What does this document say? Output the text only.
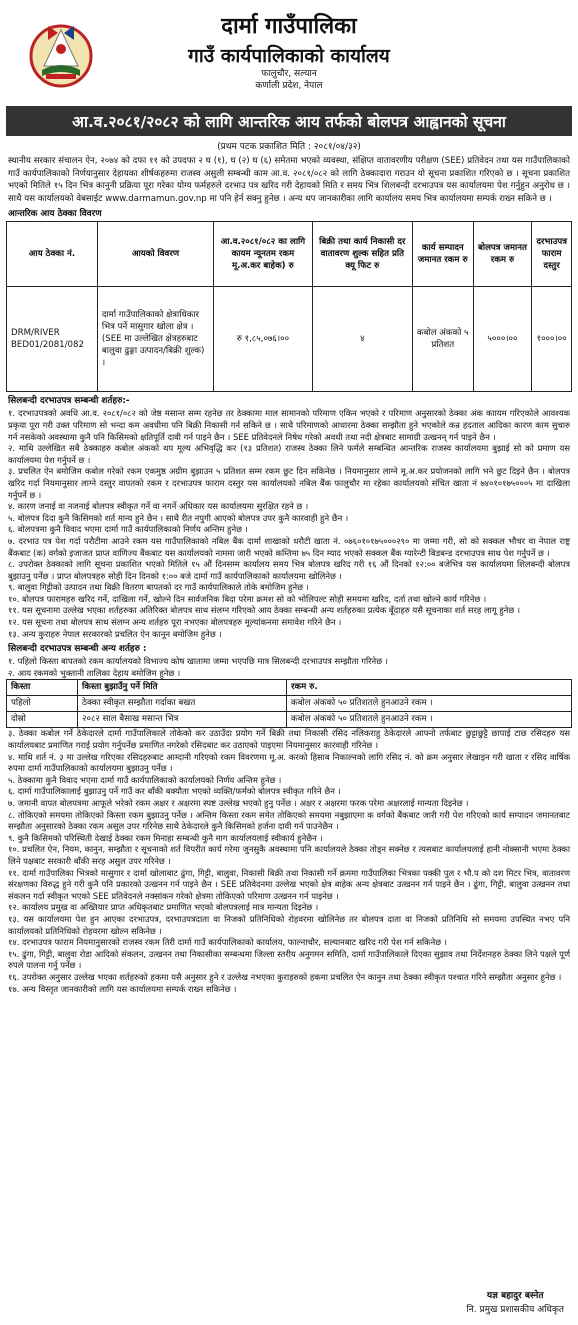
दार्मा गाउँपालिका
गाउँ कार्यपालिकाको कार्यालय
फालुचौर, सल्यान
कर्णाली प्रदेश, नेपाल
आ.व.२०८१/२०८२ को लागि आन्तरिक आय तर्फको बोलपत्र आह्वानको सूचना
(प्रथम पटक प्रकाशित मिति : २०८१/०४/३२)
स्थानीय सरकार संचालन ऐन, २०७४ को दफा ११ को उपदफा २ घ (१), घ (२) घ (६) समेतमा भएको व्यवस्था, संक्षिप्त वातावरणीय परीक्षण (SEE) प्रतिवेदन तथा यस गाउँपालिकाको गाउँ कार्यपालिकाको निर्णयानुसार देहायका शीर्षकहरुमा राजस्व असुली सम्बन्धी काम आ.व. २०८१/०८२ को लागि ठेक्कादारा गराउन यो सूचना प्रकाशित गरिएको छ । सूचना प्रकाशित भएको मितिले १५ दिन भित्र कानुनी प्रक्रिया पूरा गरेका योग्य फर्महरुले दरभाउ पत्र खरिद गरी देहायको मिति र समय भित्र शिलबन्दी दरभाउपत्र यस कार्यालयमा पेश गर्नुहुन अनुरोध छ । साथै यस कार्यालयको वेबसाईट www.darmamun.gov.np मा पनि हेर्न सक्नु हुनेछ । अन्य थप जानकारीका लागि कार्यालय समय भित्र कार्यालयमा सम्पर्क राख्न सकिने छ ।
आन्तरिक आय ठेक्का विवरण
आय ठेक्का नं.	आयको विवरण	आ.व.२०८१/०८२ का लागि कायम न्यूनतम रकम मू.अ.कर बाहेक) रु	बिक्री तथा कार्य निकासी दर वातावरण शुल्क सहित प्रति क्यू फिट रु	कार्य सम्पादन जमानत रकम रु	बोलपत्र जमानत रकम रु	दरभाउपत्र फाराम दस्तुर
DRM/RIVER BED01/2081/082	दार्मा गाउँपालिकाको क्षेत्राधिकार भित्र पर्ने मासुगार खोला क्षेत्र । (SEE मा उल्लेखित क्षेत्रहरुबाट बालुवा ढुङ्गा उत्पादन/बिक्री शुल्क) ।	रु १,८५,०७६।००	४	कबोल अंकको ५ प्रतिशत	५०००।००	१०००।००
सिलबन्दी दरभाउपत्र सम्बन्धी शर्तहरु:-

१. दरभाउपत्रको अवधि आ.व. २०८१/०८२ को जेष्ठ मसान्त सम्म रहनेछ तर ठेक्कामा माल सामानको परिमाण एकिन भएको र परिमाण अनुसारको ठेक्का अंक काायम गरिएकोले आवश्यक प्रकृया पूरा गरी उक्त परिमाण सो भन्दा कम अवधीमा पनि बिक्री निकासी गर्न सकिने छ । साथै परिमाणको आधारमा ठेक्का सम्झौता हुने भएकोले कन्र हदताल आदिका कारण काम सुचारु गर्न नसकेको अवस्थामा कुनै पनि किसिमको क्षतिपूर्ति दावी गर्न पाइने छैन । SEE प्रतिवेदनले निषेध गरेको अवधी तथा नदी क्षेत्रबाट सामाग्री उत्खनन् गर्न पाइने छैन ।

२. माथि उल्लेखित सबै ठेक्काहरु कबोल अंकको थप मूल्य अभिवृद्धि कर (१३ प्रतिशत) राजस्व ठेक्का लिने फर्मले सम्बन्धित आन्तरिक राजस्व कार्यालयमा बुझाई सो को प्रमाण यस कार्यालयमा पेश गर्नुपर्ने छ ।

३. प्रचलित ऐन बमोजिम कबोल गरेको रकम एकमुष्ठ अग्रीम बुझाउन ५ प्रतिशत सम्म रकम छुट दिन सकिनेछ । नियमानुसार लाग्ने मू.अ.कर प्रयोजनको लागि भने छुट दिइने छैन । बोलपत्र खरिद गर्दा नियमानुसार लाग्ने दस्तुर वापतको रकम र दरभाउपत्र फाराम दस्तुर यस कार्यालयको नबिल बैंक फालुचौर मा रहेका कार्यालयको संचित खाता नं ७४०१०१७५०००५ मा दाखिला गर्नुपर्ने छ ।

४. कारण जनाई वा नजनाई बोलपत्र स्वीकृत गर्ने वा नगर्ने अधिकार यस कार्यालयमा सुरक्षित रहने छ ।

५. बोलपत्र दिदा कुनै किसिमको शर्त मान्य हुने छैन । साथै रीत नपुगी आएको बोलपत्र उपर कुनै कारवाही हुने छैन ।

६. बोलपत्रमा कुनै विवाद भएमा दार्मा गाउँ कार्यपालिकाको निर्णय अन्तिम हुनेछ ।

७. दरभाउ पत्र पेश गर्दा परौटीमा आउने रकम यस गाउँपालिकाको नबिल बैंक दार्मा शाखाको धरौटी खाता नं. ०७६०१०१७५०००२९० मा जम्मा गरी, सो को सक्कल भौचर वा नेपाल राष्ट्र बैंकबाट (क) वर्गको इजाजत प्राप्त वाणिज्य बैंकबाट यस कार्यालयको नाममा जारी भएको कम्तिमा ७५ दिन म्याद भएको सक्कल बैंक ग्यारेन्टी बिडबन्ड दरभाउपत्र साथ पेश गर्नुपर्ने छ ।

८. उपरोक्त ठेक्काको लागि सूचना प्रकाशित भएको मितिले १५ औं दिनसम्म कार्यालय समय भित्र बोलपत्र खरिद गरी १६ औं दिनको १२:०० बजेभित्र यस कार्यालयमा शिलबन्दी बोलपत्र बुझाउनु पर्नेछ । प्राप्त बोलपत्रहरु सोही दिन दिनको १:०० बजे दार्मा गाउँ कार्यपालिकाको कार्यालयमा खोलिनेछ ।

९. बालुवा गिट्टीको उत्पादन तथा बिक्री वितरण बापतको दर गाउँ कार्यपालिकाले तोके बमोजिम हुनेछ ।

१०. बोलपत्र फारामहरु खरिद गर्ने, दाखिला गर्ने, खोल्ने दिन सार्वजनिक बिदा परेमा क्रमश सो को भोलिपल्ट सोही समयमा खरिद, दर्ता तथा खोल्ने कार्य गरिनेछ ।

११. यस सूचनामा उल्लेख भएका शर्तहरुका अतिरिक्त बोलपत्र साथ संलग्न गरिएको आय ठेक्का सम्बन्धी अन्य शर्तहरुका प्रत्येक बूँदाहरु यसै सूचनाका शर्त सरह लागू हुनेछ ।

१२. यस सूचना तथा बोलपत्र साथ संलग्न अन्य शर्तहरु पूरा नभएका बोलपत्रहरु मूल्यांकनमा समावेश गरिने छैन ।

१३. अन्य कुराहरु नेपाल सरकारको प्रचलित ऐन कानून बमोजिम हुनेछ ।

सिलबन्दी दरभाउपत्र सम्बन्धी अन्य शर्तहरु :

१. पहिलो किस्ता बापतको रकम कार्यालयको विभाज्य कोष खातामा जम्मा भएपछि मात्र सिलबन्दी दरभाउपत्र सम्झौता गरिनेछ ।

२. आय रकमको भुक्तानी तालिका देहाय बमोजिम हुनेछ ।

किस्ता	किस्ता बुझाउँनु पर्ने मिति	रकम रु.
पहिलो	ठेक्का स्वीकृत सम्झौता गर्दाका बखत	कबोल अंकको ५० प्रतिशतले हुनआउने रकम ।
दोस्रो	२०८२ साल बैसाख मसान्त भित्र	कबोल अंकको ५० प्रतिशतले हुनआउने रकम ।

३. ठेक्का कबोल गर्ने ठेकेदारले दार्मा गाउँपालिकाले तोकेको कर उठाउँदा प्रयोग गर्ने बिक्री तथा निकासी रसिद नलिकराहु ठेकेदारले आफ्नो तर्फबाट छुट्टाछुट्टै छापाई टाछ रसिदहरु यस कार्यालयबाट प्रमाणित गराई प्रयोग गर्नुपर्नेछ प्रमाणित नगरेको रसिदबाट कर उठाएको पाइएमा नियमानुसार कारवाही गरिनेछ ।

४. माथि शर्त नं. ३ मा उल्लेख गरिएका रसिदहरुबाट आम्दानी गरिएको रकम विवरणमा मू.अ. करको हिसाब निकाल्नको लागि रसिद नं. को क्रम अनुसार लेखाइन गरी खाता र रसिद वार्षिक रुपमा दार्मा गाउँपालिकाको कार्यालयमा बुझाउनु पर्नेछ ।

५. ठेक्कामा कुनै विवाद भएमा दार्मा गाउँ कार्यपालिकाको कार्यालयको निर्णय अन्तिम हुनेछ ।

६. दार्मा गाउँपालिकालाई बुझाउनु पर्ने गाउँ कर बाँकी बक्यौता भएको व्यक्ति/फर्मको बोलपत्र स्वीकृत गरिने छैन ।

७. जमानी वापत बोलपत्रमा आफूले भरेको रकम अक्षर र अक्षरमा स्पष्ट उल्लेख भएको हुनु पर्नेछ । अक्षर र अक्षरमा फरक परेमा अक्षरलाई मान्यता दिइनेछ ।

८. तोकिएको समयमा तोकिएको किस्ता रकम बुझाउनु पर्नेछ । अन्तिम किस्ता रकम समेत तोकिएको समयमा नबुझाएमा क वर्गको बैंकबाट जारी गरी पेश गरिएको कार्य सम्पादन जमानतबाट सम्झौता अनुसारको ठेक्का रकम असुल उपर गरिनेछ साथै ठेकेदारले कुनै किसिमको हर्जना दावी गर्न पाउनेछैन ।

९. कुनै किसिमको परिस्थिती देखाई ठेक्का रकम मिनाहा सम्बन्धी कुनै माग कार्यालयलाई स्वीकार्य हुनेछैन ।

१०. प्रचलित ऐन, नियम, कानुन, सम्झौता र सूचनाको शर्त विपरीत कार्य गरेमा जुनसुकै अवस्थामा पनि कार्यालयले ठेक्का तोड्न सक्नेछ र त्यसबाट कार्यालयलाई हानी नोक्सानी भएमा ठेक्का लिने पक्षबाट सरकारी बाँकी सरह असुल उपर गरिनेछ ।

११. दार्मा गाउँपालिका भित्रको मासुगार र दार्मा खोलाबाट ढुंगा, गिट्टी, बालुवा, निकासी बिक्री तथा निकासी गर्ने क्रममा गाउँपालिका भित्रका पक्की पुल र भौ.प को दश मिटर भित्र, वातावरण संरक्षणका विरुद्ध हुने गरी कुनै पनि प्रकारको उत्खनन गर्न पाइने छैन । SEE प्रतिवेदनमा उल्लेख भएको क्षेत्र बाहेक अन्य क्षेत्रबाट उत्खनन गर्न पाइने छैन । ढुंगा, गिट्टी, बालुवा उत्खनन तथा संकलन गर्दा स्वीकृत भएको SEE प्रतिवेदनले नक्सांकन गरेको क्षेत्रमा तोकिएको परिमाण उत्खनन गर्न पाइनेछ ।

१२. कार्यालय प्रमुख वा अख्तियार प्राप्त अधिकृतबाट प्रमाणित भएको बोलपत्रलाई मात्र मान्यता दिइनेछ ।

१३. यस कार्यालयमा पेश हुन आएका दरभाउपत्र, दरभाउपत्रदाता वा निजको प्रतिनिधिको रोहवरमा खोलिनेछ तर बोलपत्र दाता वा निजको प्रतिनिधि सो समयमा उपस्थित नभए पनि कार्यालयको प्रतिनिधिको रोहवरमा खोल्न सकिनेछ ।

१४. दरभाउपत्र फाराम नियमानुसारको राजस्व रकम तिरी दार्मा गाउँ कार्यपालिकाको कार्यालय, फाल्नाचौर, सल्यानबाट खरिद गरी पेश गर्न सकिनेछ ।

१५. ढुंगा, गिट्टी, बालुवा रोडा आदिको संकलन, उत्खनन तथा निकासीका सम्बन्धमा जिल्ला स्तरीय अनुगमन समिति, दार्मा गाउँपालिकाले दिएका सुझाव तथा निर्देशनहरु ठेक्का लिने पक्षले पूर्ण रुपले पालना गर्नु पर्नेछ ।

१६. उपरोक्त अनुसार उल्लेख भएका शर्तहरुको हकमा यसै अनुसार हुने र उल्लेख नभएका कुराहरुको हकमा प्रचलित ऐन कानुन तथा ठेक्का स्वीकृत पश्चात गरिने सम्झौता अनुसार हुनेछ ।

१७. अन्य विस्तृत जानकारीको लागि यस कार्यालयमा सम्पर्क राख्न सकिनेछ ।

यज्ञ बहादुर बस्नेत
नि. प्रमुख प्रशासकीय अधिकृत
